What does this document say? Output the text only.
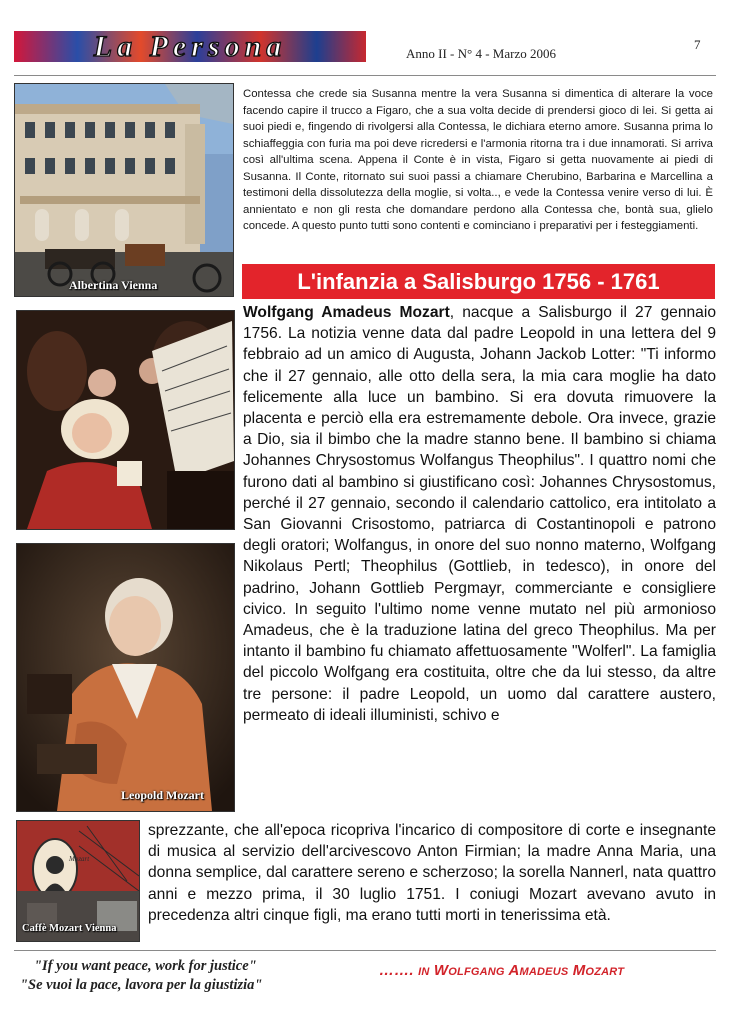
La Persona	Anno II - N° 4 - Marzo 2006
7
Albertina Vienna
Leopold Mozart
Mozart
Caffè Mozart Vienna
Contessa che crede sia Susanna mentre la vera Susanna si dimentica di alterare la voce facendo capire il trucco a Figaro, che a sua volta decide di prendersi gioco di lei. Si getta ai suoi piedi e, fingendo di rivolgersi alla Contessa, le dichiara eterno amore. Susanna prima lo schiaffeggia con furia ma poi deve ricredersi e l'armonia ritorna tra i due innamorati. Si arriva così all'ultima scena. Appena il Conte è in vista, Figaro si getta nuovamente ai piedi di Susanna. Il Conte, ritornato sui suoi passi a chiamare Cherubino, Barbarina e Marcellina a testimoni della dissolutezza della moglie, si volta.., e vede la Contessa venire verso di lui. È annientato e non gli resta che domandare perdono alla Contessa che, bontà sua, glielo concede. A questo punto tutti sono contenti e cominciano i preparativi per i festeggiamenti.
L'infanzia a Salisburgo 1756 - 1761
Wolfgang Amadeus Mozart, nacque a Salisburgo il 27 gennaio 1756. La notizia venne data dal padre Leopold in una lettera del 9 febbraio ad un amico di Augusta, Johann Jackob Lotter: "Ti informo che il 27 gennaio, alle otto della sera, la mia cara moglie ha dato felicemente alla luce un bambino. Si era dovuta rimuovere la placenta e perciò ella era estremamente debole. Ora invece, grazie a Dio, sia il bimbo che la madre stanno bene. Il bambino si chiama Johannes Chrysostomus Wolfangus Theophilus". I quattro nomi che furono dati al bambino si giustificano così: Johannes Chrysostomus, perché il 27 gennaio, secondo il calendario cattolico, era intitolato a San Giovanni Crisostomo, patriarca di Costantinopoli e patrono degli oratori; Wolfangus, in onore del suo nonno materno, Wolfgang Nikolaus Pertl; Theophilus (Gottlieb, in tedesco), in onore del padrino, Johann Gottlieb Pergmayr, commerciante e consigliere civico. In seguito l'ultimo nome venne mutato nel più armonioso Amadeus, che è la traduzione latina del greco Theophilus. Ma per intanto il bambino fu chiamato affettuosamente "Wolferl". La famiglia del piccolo Wolfgang era costituita, oltre che da lui stesso, da altre tre persone: il padre Leopold, un uomo dal carattere austero, permeato di ideali illuministi, schivo e
sprezzante, che all'epoca ricopriva l'incarico di compositore di corte e insegnante di musica al servizio dell'arcivescovo Anton Firmian; la madre Anna Maria, una donna semplice, dal carattere sereno e scherzoso; la sorella Nannerl, nata quattro anni e mezzo prima, il 30 luglio 1751. I coniugi Mozart avevano avuto in precedenza altri cinque figli, ma erano tutti morti in tenerissima età.
"If you want peace, work for justice"
"Se vuoi la pace, lavora per la giustizia"
……. in Wolfgang Amadeus Mozart
